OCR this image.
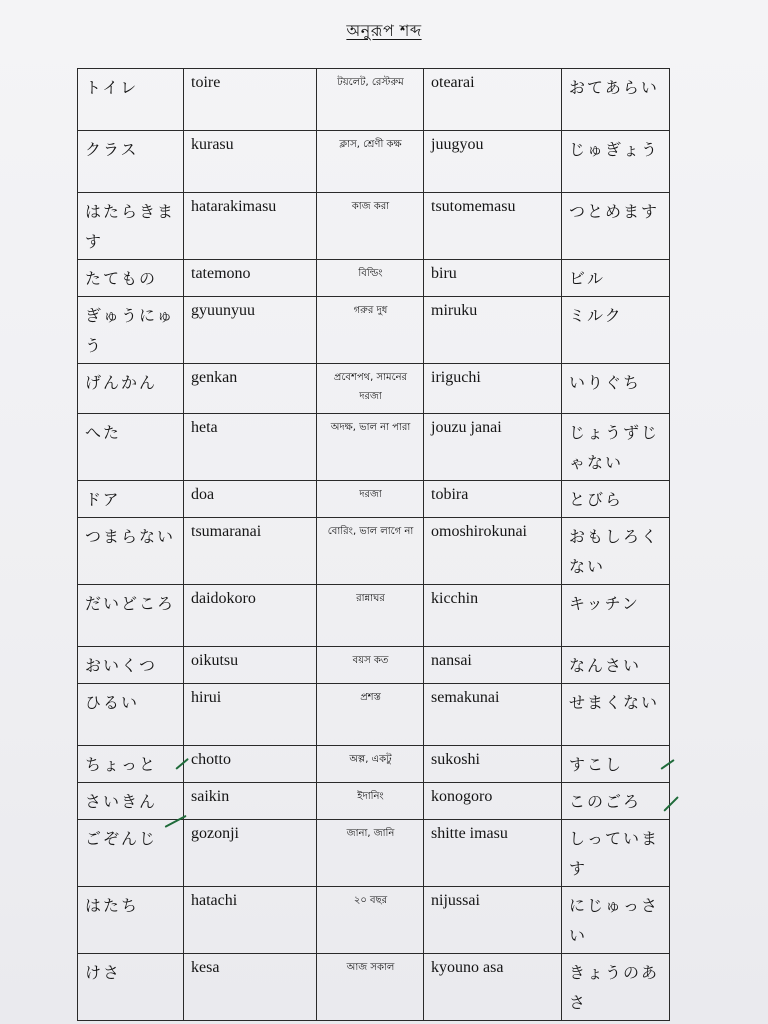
অনুরূপ শব্দ
トイレ	toire	টয়লেট, রেস্টরুম	otearai	おてあらい
クラス	kurasu	ক্লাস, শ্রেণী কক্ষ	juugyou	じゅぎょう
はたらきます	hatarakimasu	কাজ করা	tsutomemasu	つとめます
たてもの	tatemono	বিল্ডিং	biru	ビル
ぎゅうにゅう	gyuunyuu	গরুর দুধ	miruku	ミルク
げんかん	genkan	প্রবেশপথ, সামনের দরজা	iriguchi	いりぐち
へた	heta	অদক্ষ, ভাল না পারা	jouzu janai	じょうずじゃない
ドア	doa	দরজা	tobira	とびら
つまらない	tsumaranai	বোরিং, ভাল লাগে না	omoshirokunai	おもしろくない
だいどころ	daidokoro	রান্নাঘর	kicchin	キッチン
おいくつ	oikutsu	বয়স কত	nansai	なんさい
ひるい	hirui	প্রশস্ত	semakunai	せまくない
ちょっと	chotto	অল্প, একটু	sukoshi	すこし
さいきん	saikin	ইদানিং	konogoro	このごろ
ごぞんじ	gozonji	জানা, জানি	shitte imasu	しっています
はたち	hatachi	২০ বছর	nijussai	にじゅっさい
けさ	kesa	আজ সকাল	kyouno asa	きょうのあさ
